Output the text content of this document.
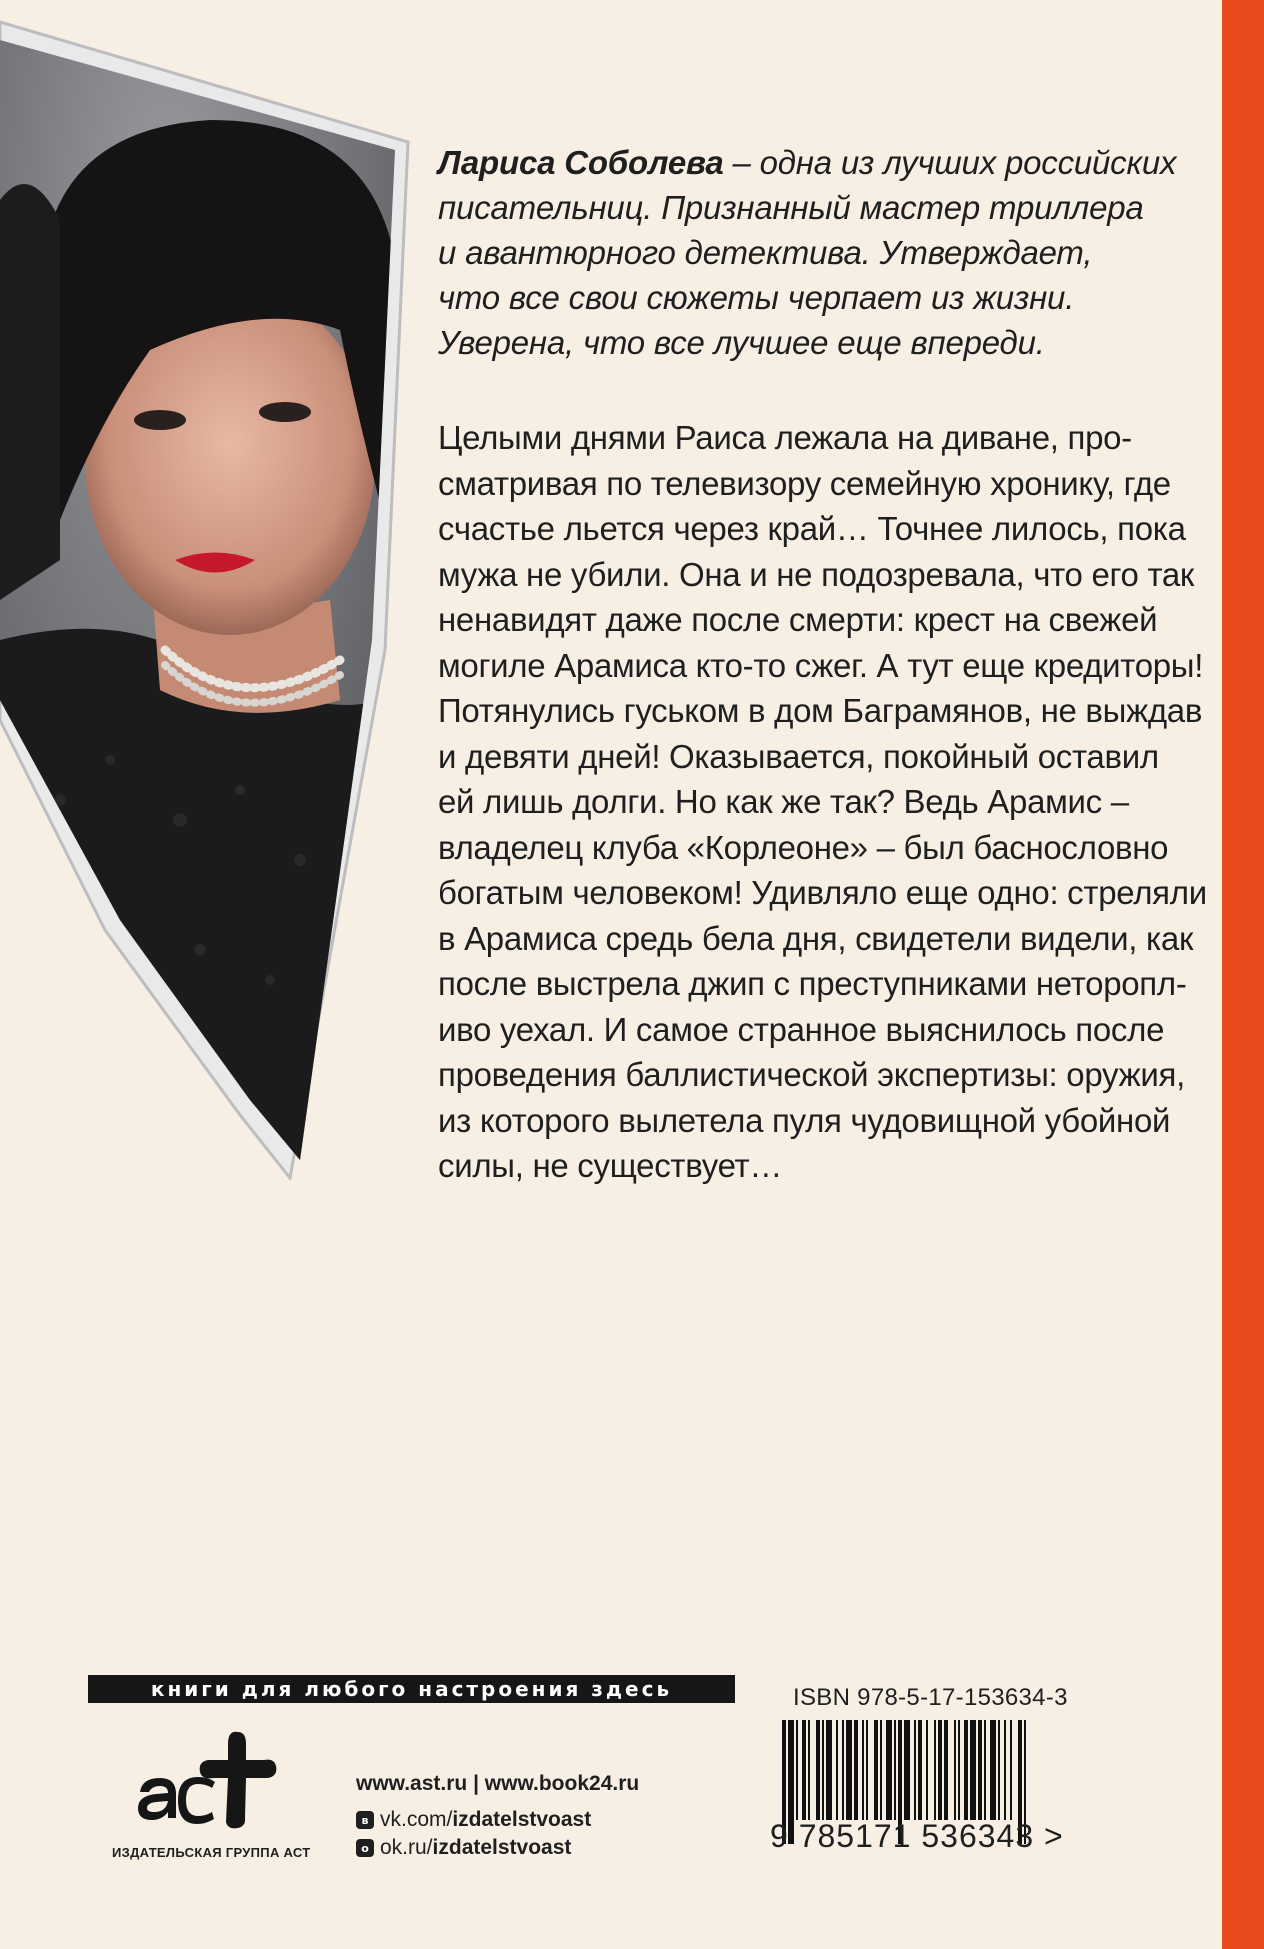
Лариса Соболева – одна из лучших российских
писательниц. Признанный мастер триллера
и авантюрного детектива. Утверждает,
что все свои сюжеты черпает из жизни.
Уверена, что все лучшее еще впереди.
Целыми днями Раиса лежала на диване, про-
сматривая по телевизору семейную хронику, где
счастье льется через край… Точнее лилось, пока
мужа не убили. Она и не подозревала, что его так
ненавидят даже после смерти: крест на свежей
могиле Арамиса кто-то сжег. А тут еще кредиторы!
Потянулись гуськом в дом Баграмянов, не выждав
и девяти дней! Оказывается, покойный оставил
ей лишь долги. Но как же так? Ведь Арамис –
владелец клуба «Корлеоне» – был баснословно
богатым человеком! Удивляло еще одно: стреляли
в Арамиса средь бела дня, свидетели видели, как
после выстрела джип с преступниками неторопл-
иво уехал. И самое странное выяснилось после
проведения баллистической экспертизы: оружия,
из которого вылетела пуля чудовищной убойной
силы, не существует…
книги для любого настроения здесь
ИЗДАТЕЛЬСКАЯ ГРУППА АСТ
www.ast.ru | www.book24.ru
в vk.com/izdatelstvoast
о ok.ru/izdatelstvoast
ISBN 978-5-17-153634-3
9 785171 536343 >
